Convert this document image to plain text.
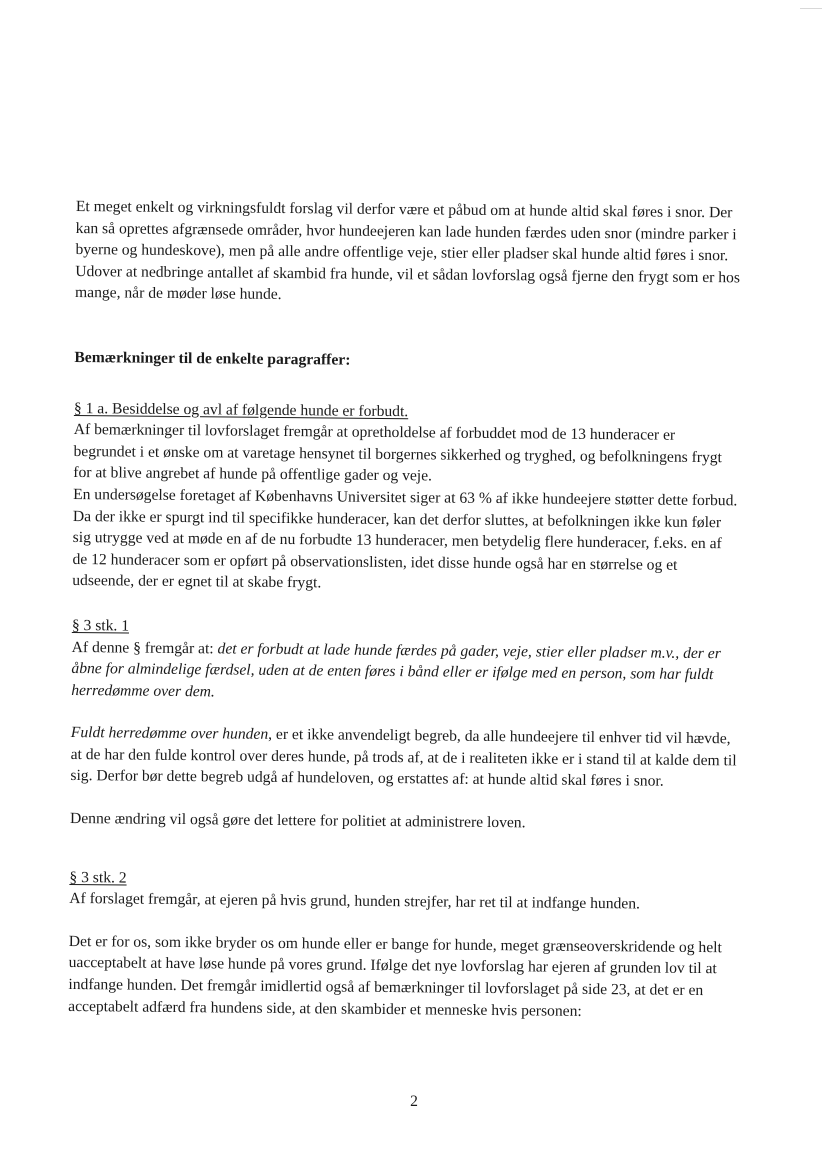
Et meget enkelt og virkningsfuldt forslag vil derfor være et påbud om at hunde altid skal føres i snor. Der kan så oprettes afgrænsede områder, hvor hundeejeren kan lade hunden færdes uden snor (mindre parker i byerne og hundeskove), men på alle andre offentlige veje, stier eller pladser skal hunde altid føres i snor. Udover at nedbringe antallet af skambid fra hunde, vil et sådan lovforslag også fjerne den frygt som er hos mange, når de møder løse hunde.

Bemærkninger til de enkelte paragraffer:

§ 1 a. Besiddelse og avl af følgende hunde er forbudt.

Af bemærkninger til lovforslaget fremgår at opretholdelse af forbuddet mod de 13 hunderacer er begrundet i et ønske om at varetage hensynet til borgernes sikkerhed og tryghed, og befolkningens frygt for at blive angrebet af hunde på offentlige gader og veje.

En undersøgelse foretaget af Københavns Universitet siger at 63 % af ikke hundeejere støtter dette forbud. Da der ikke er spurgt ind til specifikke hunderacer, kan det derfor sluttes, at befolkningen ikke kun føler sig utrygge ved at møde en af de nu forbudte 13 hunderacer, men betydelig flere hunderacer, f.eks. en af de 12 hunderacer som er opført på observationslisten, idet disse hunde også har en størrelse og et udseende, der er egnet til at skabe frygt.

§ 3 stk. 1

Af denne § fremgår at: det er forbudt at lade hunde færdes på gader, veje, stier eller pladser m.v., der er åbne for almindelige færdsel, uden at de enten føres i bånd eller er ifølge med en person, som har fuldt herredømme over dem.

Fuldt herredømme over hunden, er et ikke anvendeligt begreb, da alle hundeejere til enhver tid vil hævde, at de har den fulde kontrol over deres hunde, på trods af, at de i realiteten ikke er i stand til at kalde dem til sig. Derfor bør dette begreb udgå af hundeloven, og erstattes af: at hunde altid skal føres i snor.

Denne ændring vil også gøre det lettere for politiet at administrere loven.

§ 3 stk. 2

Af forslaget fremgår, at ejeren på hvis grund, hunden strejfer, har ret til at indfange hunden.

Det er for os, som ikke bryder os om hunde eller er bange for hunde, meget grænseoverskridende og helt uacceptabelt at have løse hunde på vores grund. Ifølge det nye lovforslag har ejeren af grunden lov til at indfange hunden. Det fremgår imidlertid også af bemærkninger til lovforslaget på side 23, at det er en acceptabelt adfærd fra hundens side, at den skambider et menneske hvis personen:

2
